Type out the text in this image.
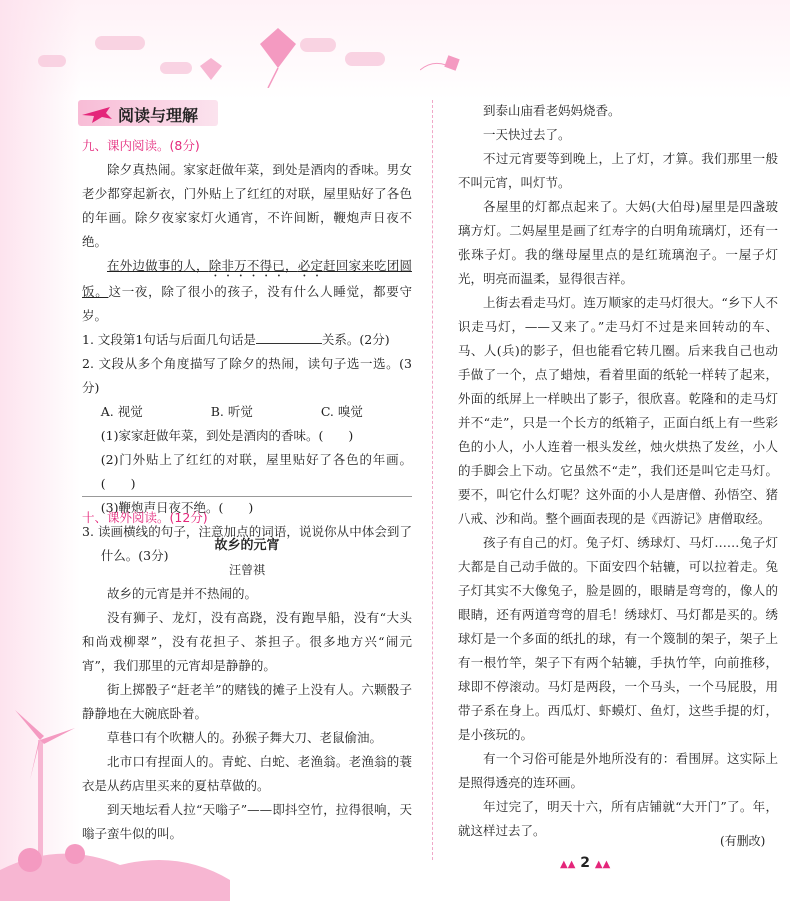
阅读与理解

九、课内阅读。(8分)

除夕真热闹。家家赶做年菜，到处是酒肉的香味。男女老少都穿起新衣，门外贴上了红红的对联，屋里贴好了各色的年画。除夕夜家家灯火通宵，不许间断，鞭炮声日夜不绝。

在外边做事的人，除非万不得已，必定赶回家来吃团圆饭。这一夜，除了很小的孩子，没有什么人睡觉，都要守岁。

1. 文段第1句话与后面几句话是	关系。(2分)

2. 文段从多个角度描写了除夕的热闹，读句子选一选。(3分)

A. 视觉	B. 听觉	C. 嗅觉

(1)家家赶做年菜，到处是酒肉的香味。(　　)

(2)门外贴上了红红的对联，屋里贴好了各色的年画。(　　)

(3)鞭炮声日夜不绝。(　　)

3. 读画横线的句子，注意加点的词语，说说你从中体会到了什么。(3分)

十、课外阅读。(12分)

故乡的元宵

汪曾祺

故乡的元宵是并不热闹的。

没有狮子、龙灯，没有高跷，没有跑旱船，没有“大头和尚戏柳翠”，没有花担子、茶担子。很多地方兴“闹元宵”，我们那里的元宵却是静静的。

街上掷骰子“赶老羊”的赌钱的摊子上没有人。六颗骰子静静地在大碗底卧着。

草巷口有个吹糖人的。孙猴子舞大刀、老鼠偷油。

北市口有捏面人的。青蛇、白蛇、老渔翁。老渔翁的蓑衣是从药店里买来的夏枯草做的。

到天地坛看人拉“天嗡子”——即抖空竹，拉得很响，天嗡子蛮牛似的叫。

到泰山庙看老妈妈烧香。

一天快过去了。

不过元宵要等到晚上，上了灯，才算。我们那里一般不叫元宵，叫灯节。

各屋里的灯都点起来了。大妈(大伯母)屋里是四盏玻璃方灯。二妈屋里是画了红寿字的白明角琉璃灯，还有一张珠子灯。我的继母屋里点的是红琉璃泡子。一屋子灯光，明亮而温柔，显得很吉祥。

上街去看走马灯。连万顺家的走马灯很大。“乡下人不识走马灯，——又来了。”走马灯不过是来回转动的车、马、人(兵)的影子，但也能看它转几圈。后来我自己也动手做了一个，点了蜡烛，看着里面的纸轮一样转了起来，外面的纸屏上一样映出了影子，很欣喜。乾隆和的走马灯并不“走”，只是一个长方的纸箱子，正面白纸上有一些彩色的小人，小人连着一根头发丝，烛火烘热了发丝，小人的手脚会上下动。它虽然不“走”，我们还是叫它走马灯。要不，叫它什么灯呢？这外面的小人是唐僧、孙悟空、猪八戒、沙和尚。整个画面表现的是《西游记》唐僧取经。

孩子有自己的灯。兔子灯、绣球灯、马灯……兔子灯大都是自己动手做的。下面安四个轱辘，可以拉着走。兔子灯其实不大像兔子，脸是圆的，眼睛是弯弯的，像人的眼睛，还有两道弯弯的眉毛！绣球灯、马灯都是买的。绣球灯是一个多面的纸扎的球，有一个篾制的架子，架子上有一根竹竿，架子下有两个轱辘，手执竹竿，向前推移，球即不停滚动。马灯是两段，一个马头，一个马屁股，用带子系在身上。西瓜灯、虾蟆灯、鱼灯，这些手提的灯，是小孩玩的。

有一个习俗可能是外地所没有的：看围屏。这实际上是照得透亮的连环画。

年过完了，明天十六，所有店铺就“大开门”了。年，就这样过去了。

(有删改)
▲▲ 2 ▲▲
